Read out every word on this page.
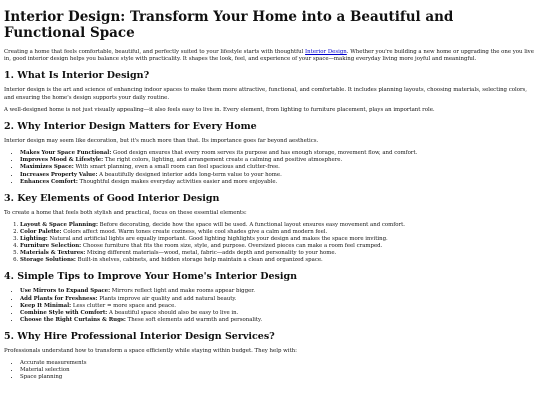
Interior Design: Transform Your Home into a Beautiful and Functional Space

Creating a home that feels comfortable, beautiful, and perfectly suited to your lifestyle starts with thoughtful Interior Design. Whether you're building a new home or upgrading the one you live in, good interior design helps you balance style with practicality. It shapes the look, feel, and experience of your space—making everyday living more joyful and meaningful.

1. What Is Interior Design?

Interior design is the art and science of enhancing indoor spaces to make them more attractive, functional, and comfortable. It includes planning layouts, choosing materials, selecting colors, and ensuring the home's design supports your daily routine.

A well-designed home is not just visually appealing—it also feels easy to live in. Every element, from lighting to furniture placement, plays an important role.

2. Why Interior Design Matters for Every Home

Interior design may seem like decoration, but it's much more than that. Its importance goes far beyond aesthetics.

• Makes Your Space Functional: Good design ensures that every room serves its purpose and has enough storage, movement flow, and comfort.
• Improves Mood & Lifestyle: The right colors, lighting, and arrangement create a calming and positive atmosphere.
• Maximizes Space: With smart planning, even a small room can feel spacious and clutter-free.
• Increases Property Value: A beautifully designed interior adds long-term value to your home.
• Enhances Comfort: Thoughtful design makes everyday activities easier and more enjoyable.
3. Key Elements of Good Interior Design

To create a home that feels both stylish and practical, focus on these essential elements:

1. Layout & Space Planning: Before decorating, decide how the space will be used. A functional layout ensures easy movement and comfort.
2. Color Palette: Colors affect mood. Warm tones create coziness, while cool shades give a calm and modern feel.
3. Lighting: Natural and artificial lights are equally important. Good lighting highlights your design and makes the space more inviting.
4. Furniture Selection: Choose furniture that fits the room size, style, and purpose. Oversized pieces can make a room feel cramped.
5. Materials & Textures: Mixing different materials—wood, metal, fabric—adds depth and personality to your home.
6. Storage Solutions: Built-in shelves, cabinets, and hidden storage help maintain a clean and organized space.
4. Simple Tips to Improve Your Home's Interior Design
• Use Mirrors to Expand Space: Mirrors reflect light and make rooms appear bigger.
• Add Plants for Freshness: Plants improve air quality and add natural beauty.
• Keep It Minimal: Less clutter = more space and peace.
• Combine Style with Comfort: A beautiful space should also be easy to live in.
• Choose the Right Curtains & Rugs: These soft elements add warmth and personality.
5. Why Hire Professional Interior Design Services?

Professionals understand how to transform a space efficiently while staying within budget. They help with:

• Accurate measurements
• Material selection
• Space planning
